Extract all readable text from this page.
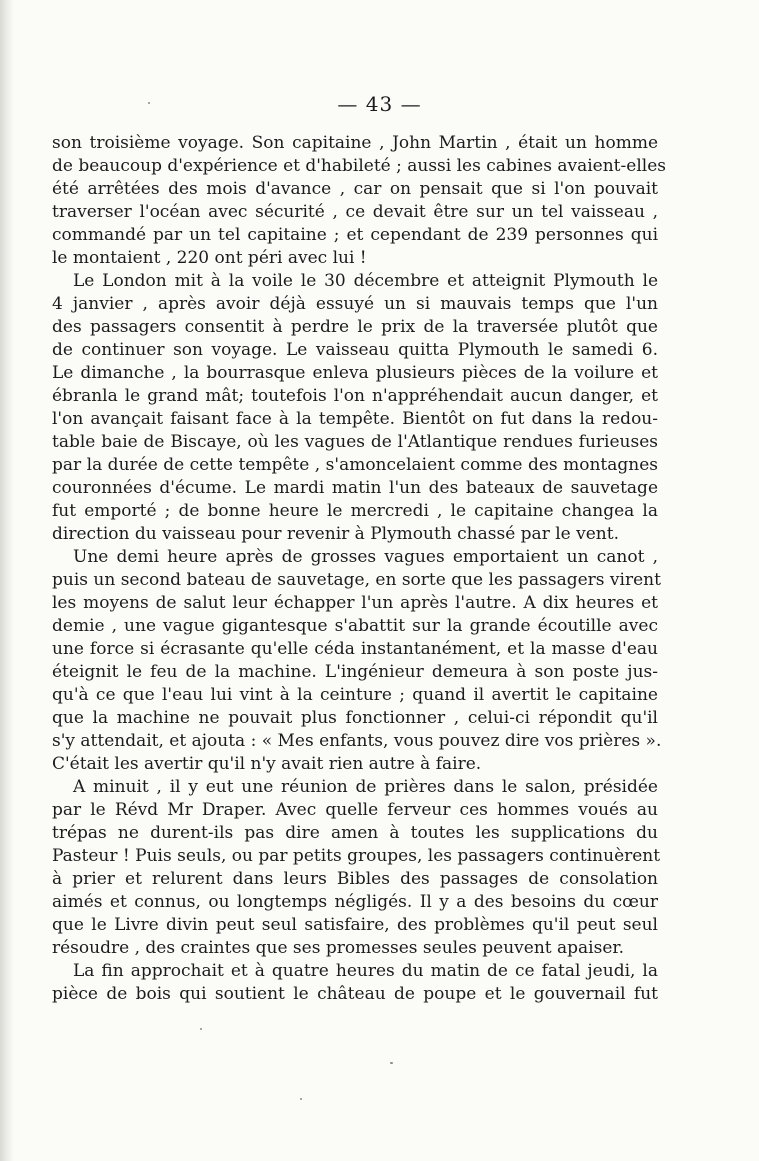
— 43 —
son troisième voyage. Son capitaine , John Martin , était un homme
de beaucoup d'expérience et d'habileté ; aussi les cabines avaient-elles
été arrêtées des mois d'avance , car on pensait que si l'on pouvait
traverser l'océan avec sécurité , ce devait être sur un tel vaisseau ,
commandé par un tel capitaine ; et cependant de 239 personnes qui
le montaient , 220 ont péri avec lui !
Le London mit à la voile le 30 décembre et atteignit Plymouth le
4 janvier , après avoir déjà essuyé un si mauvais temps que l'un
des passagers consentit à perdre le prix de la traversée plutôt que
de continuer son voyage. Le vaisseau quitta Plymouth le samedi 6.
Le dimanche , la bourrasque enleva plusieurs pièces de la voilure et
ébranla le grand mât; toutefois l'on n'appréhendait aucun danger, et
l'on avançait faisant face à la tempête. Bientôt on fut dans la redou-
table baie de Biscaye, où les vagues de l'Atlantique rendues furieuses
par la durée de cette tempête , s'amoncelaient comme des montagnes
couronnées d'écume. Le mardi matin l'un des bateaux de sauvetage
fut emporté ; de bonne heure le mercredi , le capitaine changea la
direction du vaisseau pour revenir à Plymouth chassé par le vent.
Une demi heure après de grosses vagues emportaient un canot ,
puis un second bateau de sauvetage, en sorte que les passagers virent
les moyens de salut leur échapper l'un après l'autre. A dix heures et
demie , une vague gigantesque s'abattit sur la grande écoutille avec
une force si écrasante qu'elle céda instantanément, et la masse d'eau
éteignit le feu de la machine. L'ingénieur demeura à son poste jus-
qu'à ce que l'eau lui vint à la ceinture ; quand il avertit le capitaine
que la machine ne pouvait plus fonctionner , celui-ci répondit qu'il
s'y attendait, et ajouta : « Mes enfants, vous pouvez dire vos prières ».
C'était les avertir qu'il n'y avait rien autre à faire.
A minuit , il y eut une réunion de prières dans le salon, présidée
par le Révd Mr Draper. Avec quelle ferveur ces hommes voués au
trépas ne durent-ils pas dire amen à toutes les supplications du
Pasteur ! Puis seuls, ou par petits groupes, les passagers continuèrent
à prier et relurent dans leurs Bibles des passages de consolation
aimés et connus, ou longtemps négligés. Il y a des besoins du cœur
que le Livre divin peut seul satisfaire, des problèmes qu'il peut seul
résoudre , des craintes que ses promesses seules peuvent apaiser.
La fin approchait et à quatre heures du matin de ce fatal jeudi, la
pièce de bois qui soutient le château de poupe et le gouvernail fut
